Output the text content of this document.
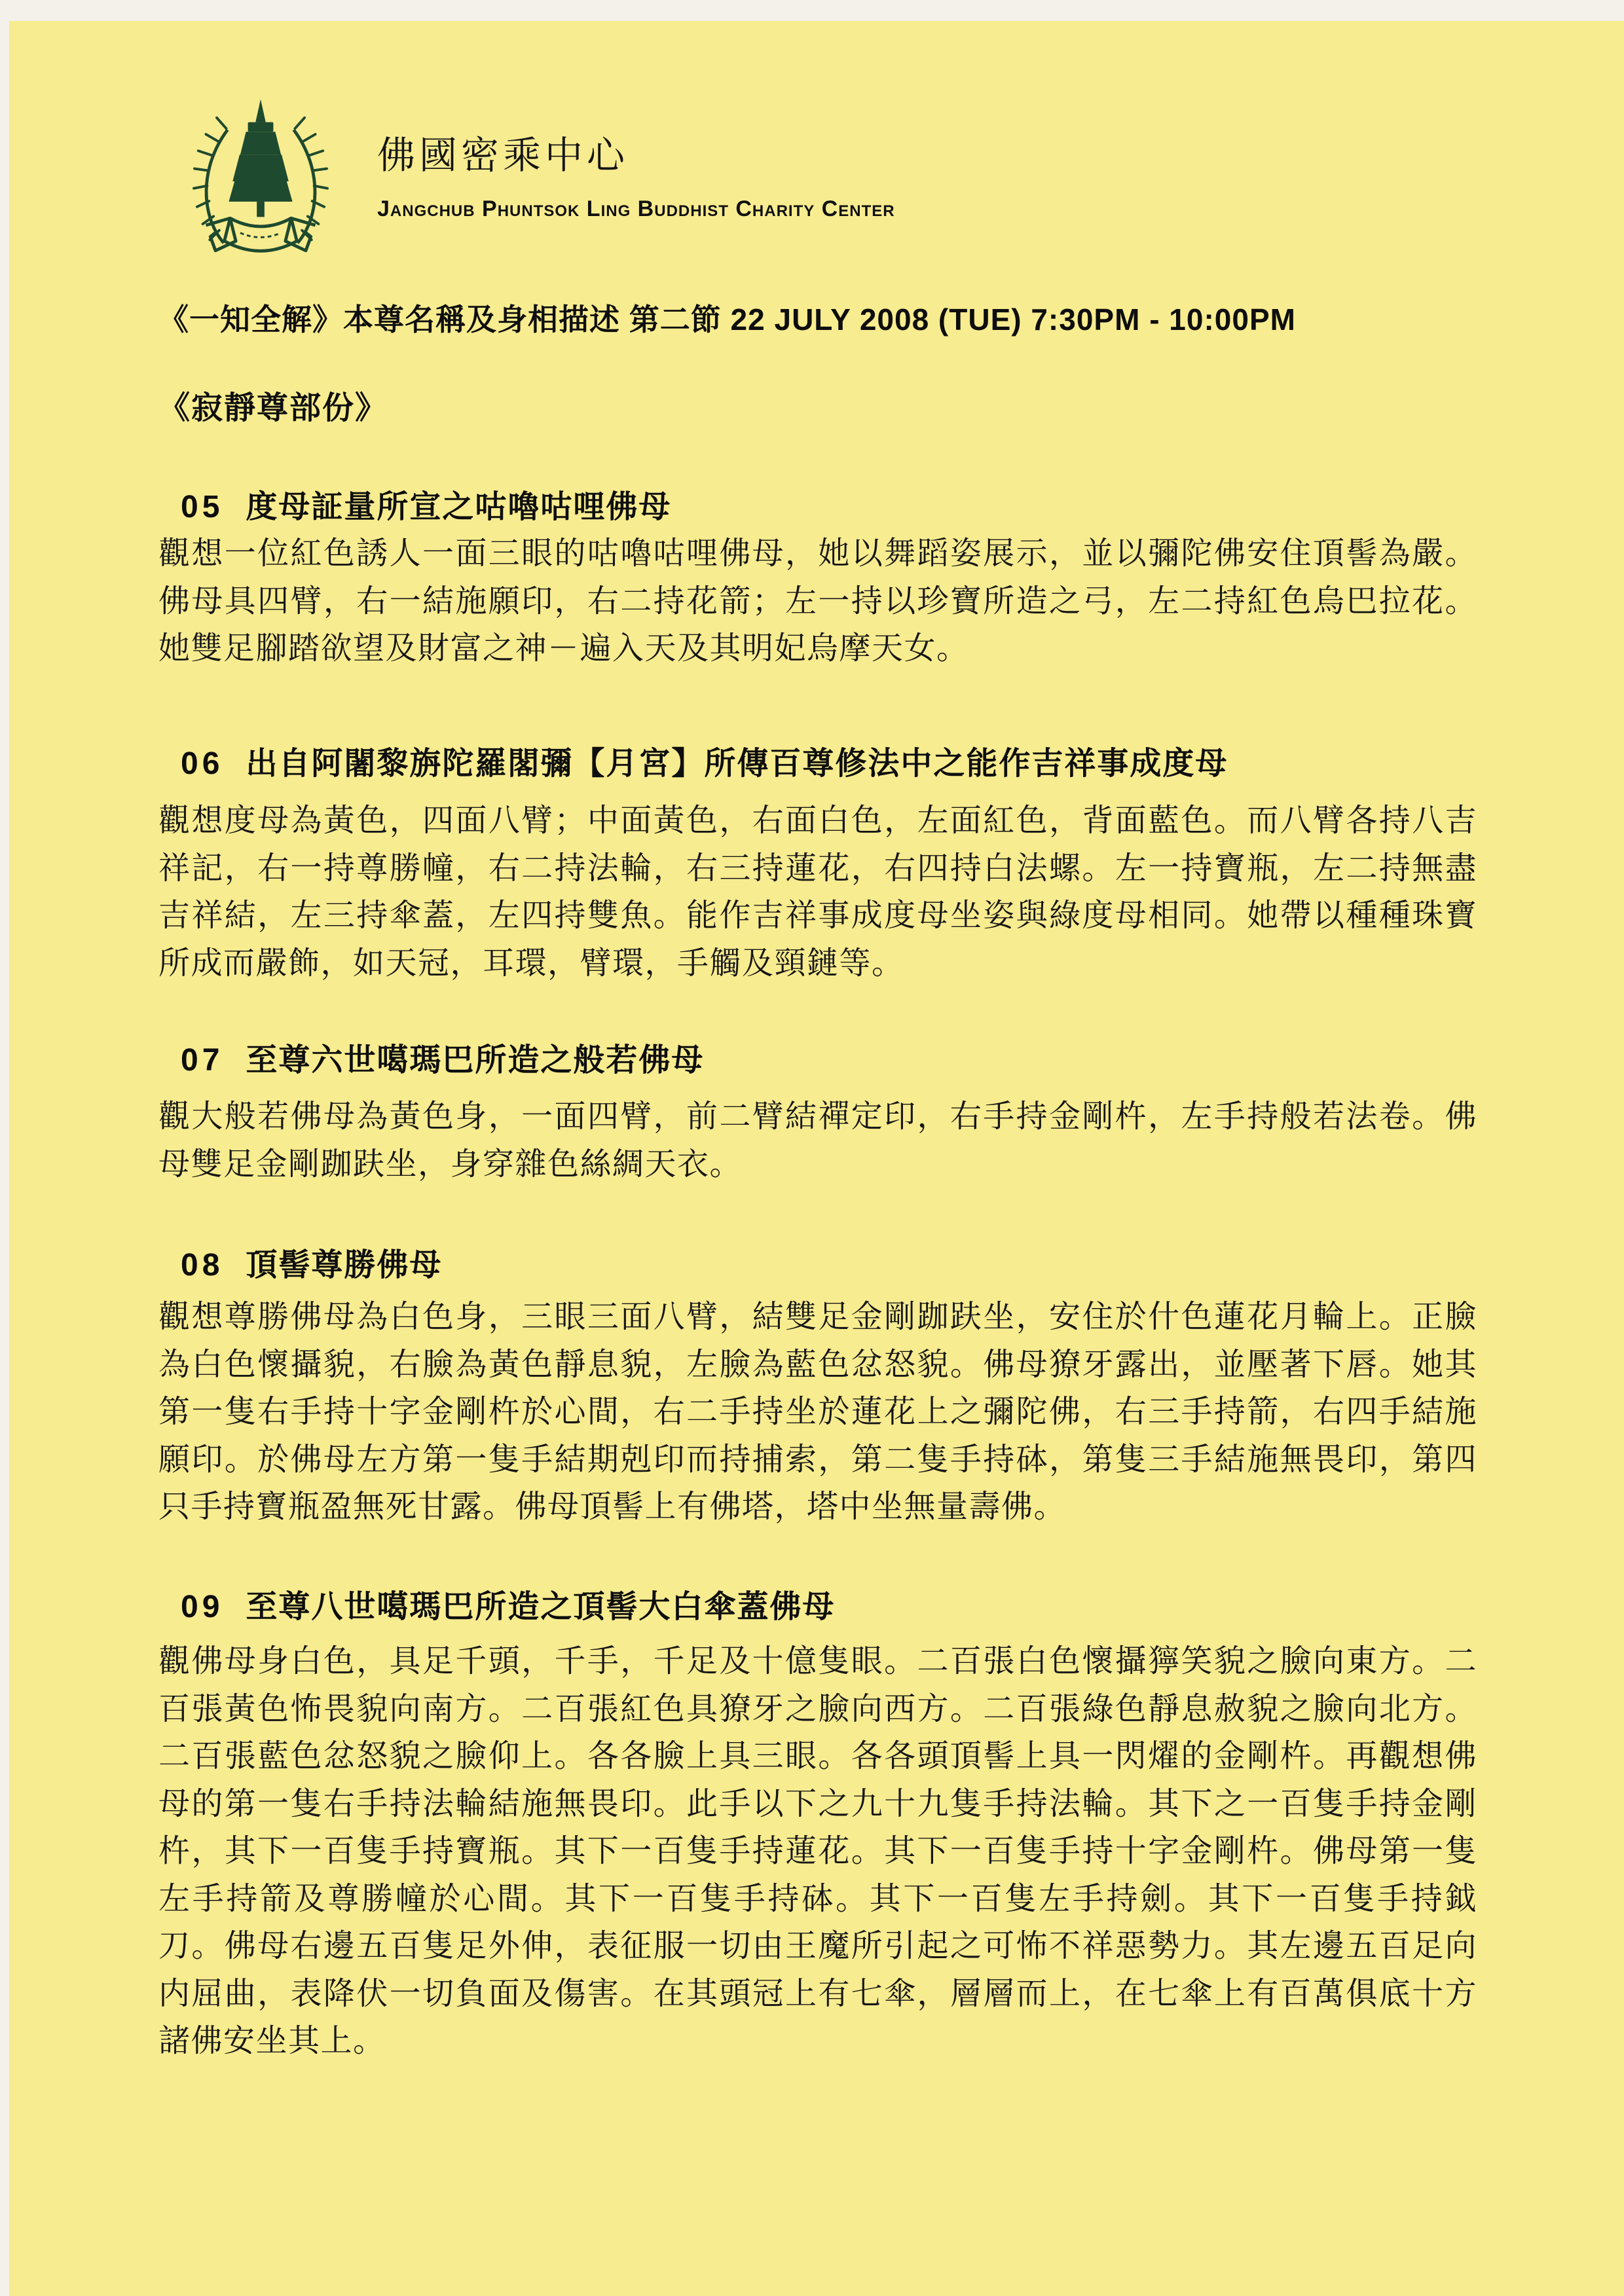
佛國密乘中心
Jangchub Phuntsok Ling Buddhist Charity Center
《一知全解》本尊名稱及身相描述 第二節 22 JULY 2008 (TUE) 7:30PM - 10:00PM
《寂靜尊部份》
05 度母証量所宣之咕嚕咕哩佛母
觀想一位紅色誘人一面三眼的咕嚕咕哩佛母，她以舞蹈姿展示，並以彌陀佛安住頂髻為嚴。佛母具四臂，右一結施願印，右二持花箭；左一持以珍寶所造之弓，左二持紅色烏巴拉花。她雙足腳踏欲望及財富之神－遍入天及其明妃烏摩天女。
06 出自阿闍黎旃陀羅閣彌【月宮】所傳百尊修法中之能作吉祥事成度母
觀想度母為黃色，四面八臂；中面黃色，右面白色，左面紅色，背面藍色。而八臂各持八吉祥記，右一持尊勝幢，右二持法輪，右三持蓮花，右四持白法螺。左一持寶瓶，左二持無盡吉祥結，左三持傘蓋，左四持雙魚。能作吉祥事成度母坐姿與綠度母相同。她帶以種種珠寶所成而嚴飾，如天冠，耳環，臂環，手觸及頸鏈等。
07 至尊六世噶瑪巴所造之般若佛母
觀大般若佛母為黃色身，一面四臂，前二臂結禪定印，右手持金剛杵，左手持般若法卷。佛母雙足金剛跏趺坐，身穿雜色絲綢天衣。
08 頂髻尊勝佛母
觀想尊勝佛母為白色身，三眼三面八臂，結雙足金剛跏趺坐，安住於什色蓮花月輪上。正臉為白色懷攝貌，右臉為黃色靜息貌，左臉為藍色忿怒貌。佛母獠牙露出，並壓著下唇。她其第一隻右手持十字金剛杵於心間，右二手持坐於蓮花上之彌陀佛，右三手持箭，右四手結施願印。於佛母左方第一隻手結期剋印而持捕索，第二隻手持砵，第隻三手結施無畏印，第四只手持寶瓶盈無死甘露。佛母頂髻上有佛塔，塔中坐無量壽佛。
09 至尊八世噶瑪巴所造之頂髻大白傘蓋佛母
觀佛母身白色，具足千頭，千手，千足及十億隻眼。二百張白色懷攝獰笑貌之臉向東方。二百張黃色怖畏貌向南方。二百張紅色具獠牙之臉向西方。二百張綠色靜息赦貌之臉向北方。二百張藍色忿怒貌之臉仰上。各各臉上具三眼。各各頭頂髻上具一閃燿的金剛杵。再觀想佛母的第一隻右手持法輪結施無畏印。此手以下之九十九隻手持法輪。其下之一百隻手持金剛杵，其下一百隻手持寶瓶。其下一百隻手持蓮花。其下一百隻手持十字金剛杵。佛母第一隻左手持箭及尊勝幢於心間。其下一百隻手持砵。其下一百隻左手持劍。其下一百隻手持鉞刀。佛母右邊五百隻足外伸，表征服一切由王魔所引起之可怖不祥惡勢力。其左邊五百足向内屈曲，表降伏一切負面及傷害。在其頭冠上有七傘，層層而上，在七傘上有百萬俱底十方諸佛安坐其上。
